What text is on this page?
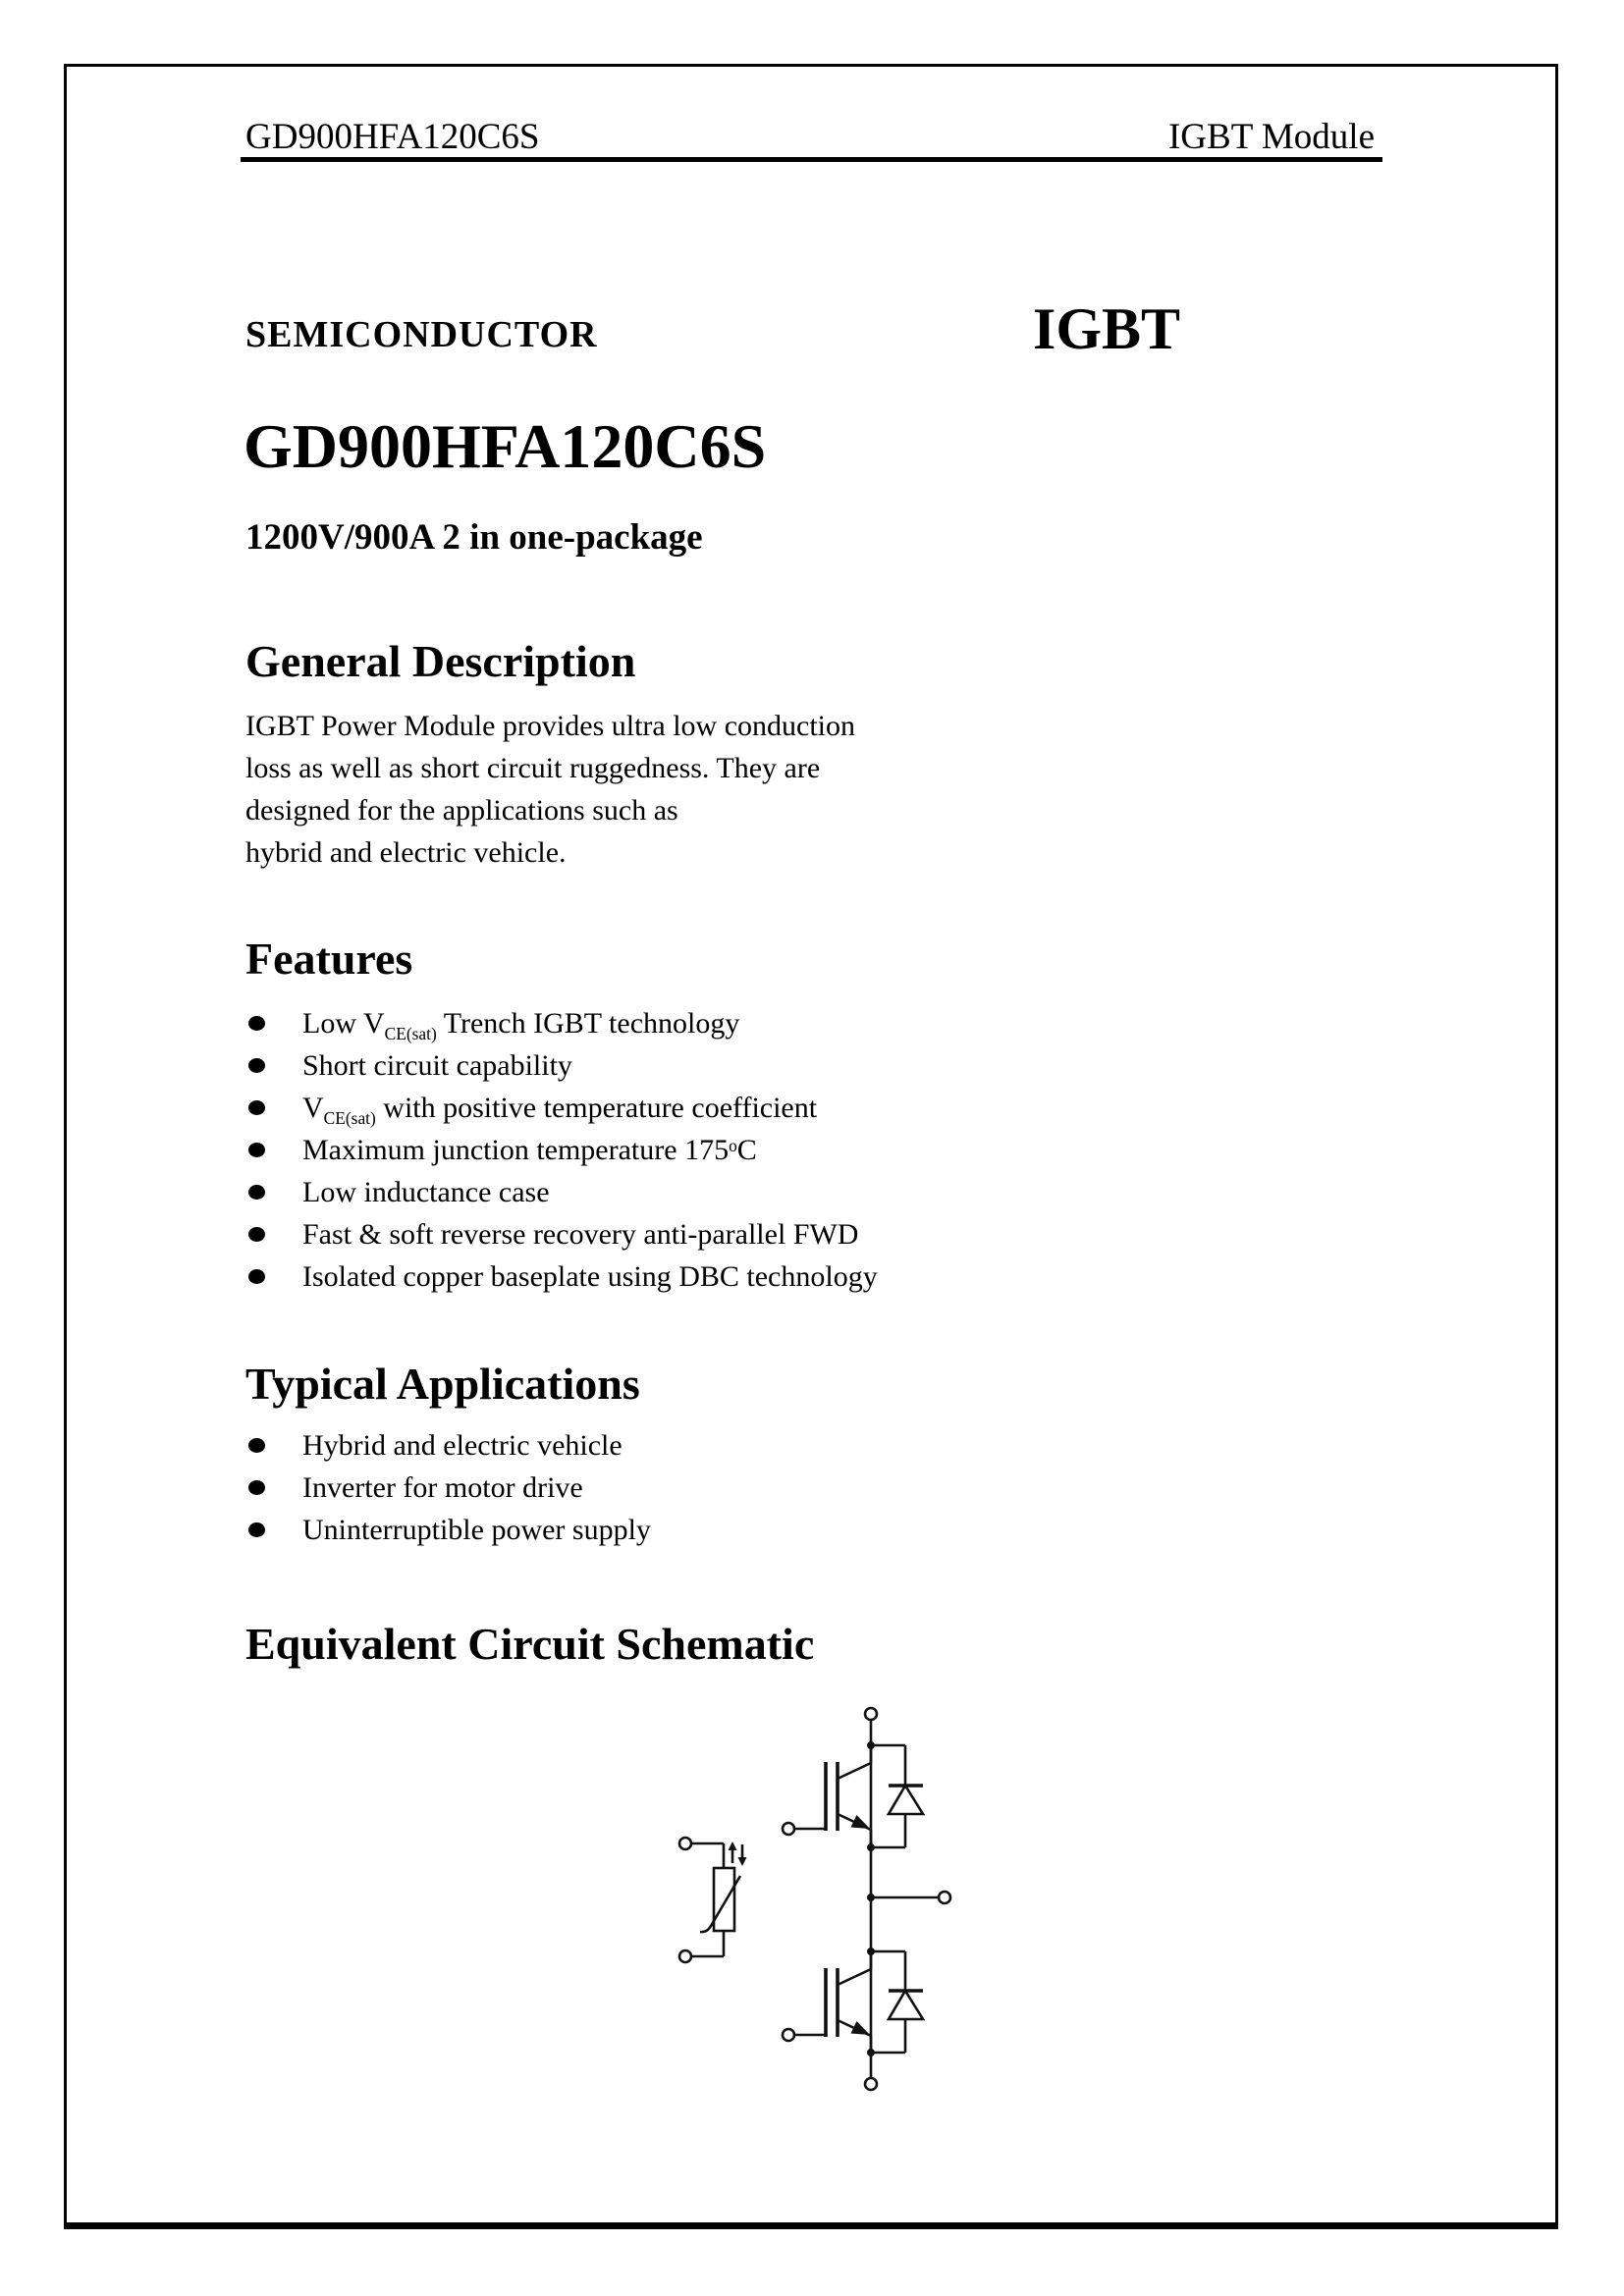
GD900HFA120C6S	IGBT Module
SEMICONDUCTOR	IGBT
GD900HFA120C6S
1200V/900A 2 in one-package
General Description
IGBT Power Module provides ultra low conduction
loss as well as short circuit ruggedness. They are
designed for the applications such as
hybrid and electric vehicle.
Features
Low $V_{CE(sat)}$ Trench IGBT technology
Short circuit capability
$V_{CE(sat)}$ with positive temperature coefficient
Maximum junction temperature 175$^o$C
Low inductance case
Fast & soft reverse recovery anti-parallel FWD
Isolated copper baseplate using DBC technology
Typical Applications
Hybrid and electric vehicle
Inverter for motor drive
Uninterruptible power supply
Equivalent Circuit Schematic
